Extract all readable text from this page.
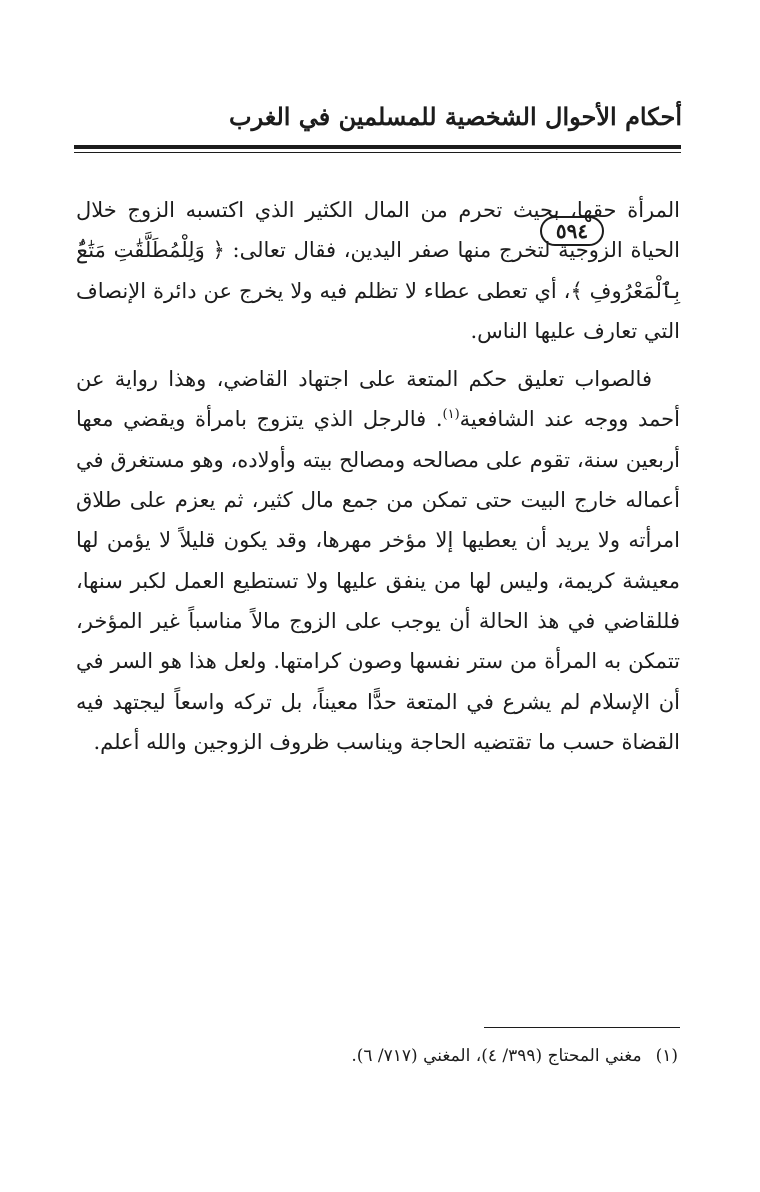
أحكام الأحوال الشخصية للمسلمين في الغرب
٥٩٤

المرأة حقها، بحيث تحرم من المال الكثير الذي اكتسبه الزوج خلال الحياة الزوجية لتخرج منها صفر اليدين، فقال تعالى: ﴿ وَلِلْمُطَلَّقَٰتِ مَتَٰعٌۢ بِٱلْمَعْرُوفِ ﴾، أي تعطى عطاء لا تظلم فيه ولا يخرج عن دائرة الإنصاف التي تعارف عليها الناس.

فالصواب تعليق حكم المتعة على اجتهاد القاضي، وهذا رواية عن أحمد ووجه عند الشافعية$^{(١)}$. فالرجل الذي يتزوج بامرأة ويقضي معها أربعين سنة، تقوم على مصالحه ومصالح بيته وأولاده، وهو مستغرق في أعماله خارج البيت حتى تمكن من جمع مال كثير، ثم يعزم على طلاق امرأته ولا يريد أن يعطيها إلا مؤخر مهرها، وقد يكون قليلاً لا يؤمن لها معيشة كريمة، وليس لها من ينفق عليها ولا تستطيع العمل لكبر سنها، فللقاضي في هذ الحالة أن يوجب على الزوج مالاً مناسباً غير المؤخر، تتمكن به المرأة من ستر نفسها وصون كرامتها. ولعل هذا هو السر في أن الإسلام لم يشرع في المتعة حدًّا معيناً، بل تركه واسعاً ليجتهد فيه القضاة حسب ما تقتضيه الحاجة ويناسب ظروف الزوجين والله أعلم.

(١)مغني المحتاج (٣٩٩/ ٤)، المغني (٧١٧/ ٦).
